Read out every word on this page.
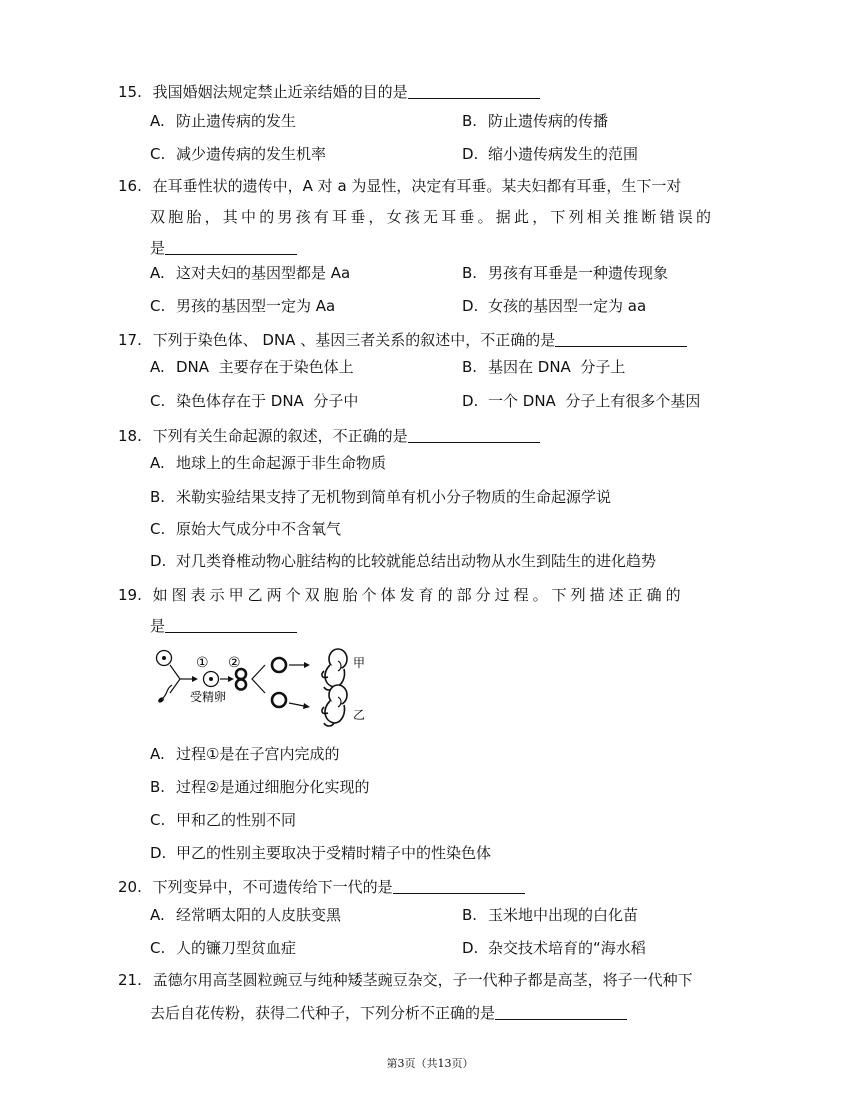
15. 我国婚姻法规定禁止近亲结婚的目的是
A. 防止遗传病的发生	B. 防止遗传病的传播
C. 减少遗传病的发生机率	D. 缩小遗传病发生的范围
16. 在耳垂性状的遗传中，A 对 a 为显性，决定有耳垂。某夫妇都有耳垂，生下一对
双胞胎，其中的男孩有耳垂，女孩无耳垂。据此，下列相关推断错误的
是
A. 这对夫妇的基因型都是 Aa	B. 男孩有耳垂是一种遗传现象
C. 男孩的基因型一定为 Aa	D. 女孩的基因型一定为 aa
17. 下列于染色体、 DNA 、基因三者关系的叙述中，不正确的是
A. DNA  主要存在于染色体上	B. 基因在 DNA  分子上
C. 染色体存在于 DNA  分子中	D. 一个 DNA  分子上有很多个基因
18. 下列有关生命起源的叙述，不正确的是
A. 地球上的生命起源于非生命物质
B. 米勒实验结果支持了无机物到简单有机小分子物质的生命起源学说
C. 原始大气成分中不含氧气
D. 对几类脊椎动物心脏结构的比较就能总结出动物从水生到陆生的进化趋势
19. 如图表示甲乙两个双胞胎个体发育的部分过程。下列描述正确的
是
① ②
受精卵
甲
乙
A. 过程①是在子宫内完成的
B. 过程②是通过细胞分化实现的
C. 甲和乙的性别不同
D. 甲乙的性别主要取决于受精时精子中的性染色体
20. 下列变异中，不可遗传给下一代的是
A. 经常晒太阳的人皮肤变黑	B. 玉米地中出现的白化苗
C. 人的镰刀型贫血症	D. 杂交技术培育的“海水稻
21. 孟德尔用高茎圆粒豌豆与纯种矮茎豌豆杂交，子一代种子都是高茎，将子一代种下
去后自花传粉，获得二代种子，下列分析不正确的是
第3页（共13页）
